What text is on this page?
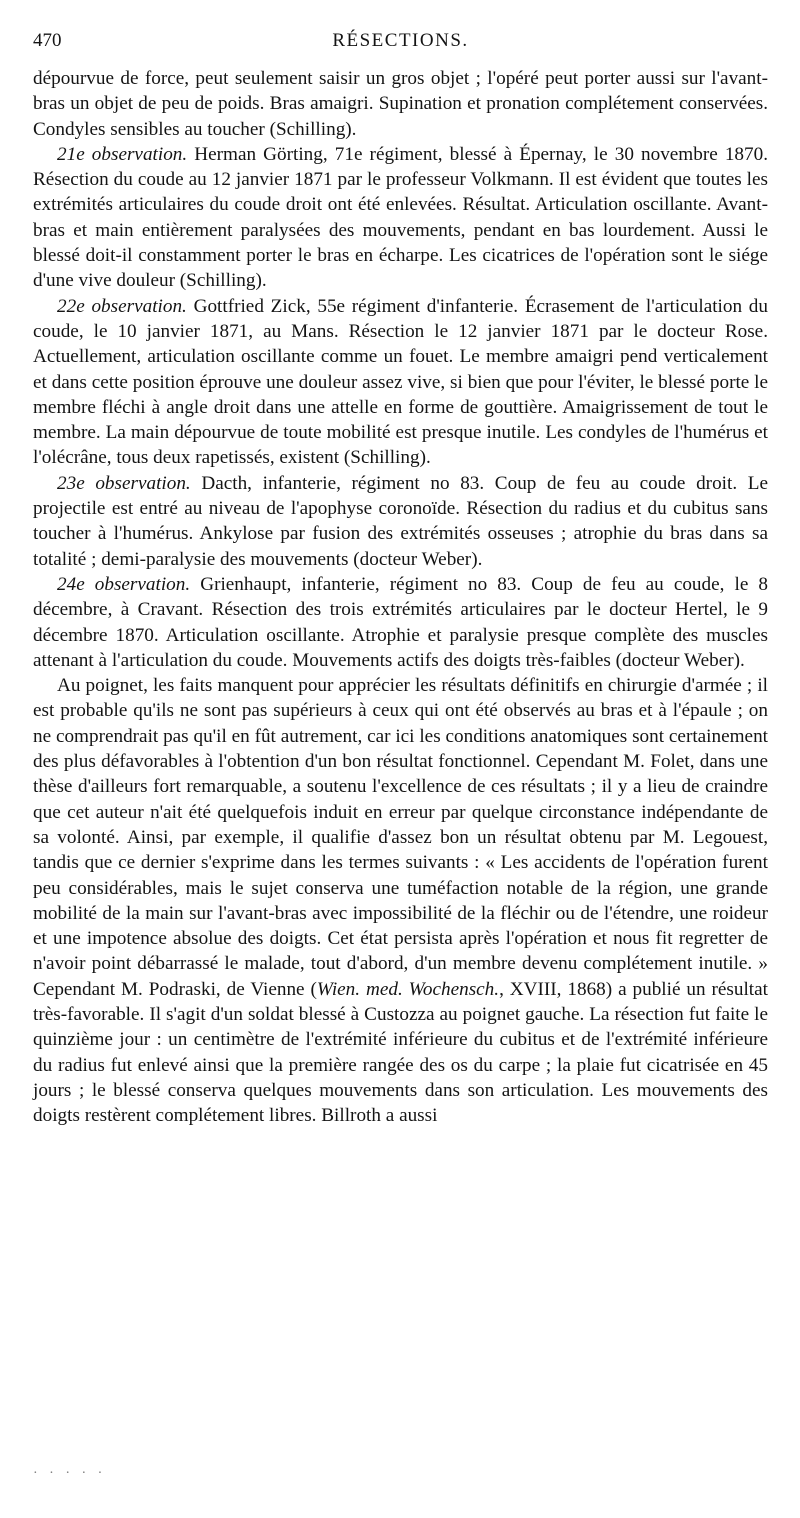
470	RÉSECTIONS.

dépourvue de force, peut seulement saisir un gros objet ; l'opéré peut porter aussi sur l'avant-bras un objet de peu de poids. Bras amaigri. Supination et pronation complétement conservées. Condyles sensibles au toucher (Schilling).

21e observation. Herman Görting, 71e régiment, blessé à Épernay, le 30 novembre 1870. Résection du coude au 12 janvier 1871 par le professeur Volkmann. Il est évident que toutes les extrémités articulaires du coude droit ont été enlevées. Résultat. Articulation oscillante. Avant-bras et main entièrement paralysées des mouvements, pendant en bas lourdement. Aussi le blessé doit-il constamment porter le bras en écharpe. Les cicatrices de l'opération sont le siége d'une vive douleur (Schilling).

22e observation. Gottfried Zick, 55e régiment d'infanterie. Écrasement de l'articulation du coude, le 10 janvier 1871, au Mans. Résection le 12 janvier 1871 par le docteur Rose. Actuellement, articulation oscillante comme un fouet. Le membre amaigri pend verticalement et dans cette position éprouve une douleur assez vive, si bien que pour l'éviter, le blessé porte le membre fléchi à angle droit dans une attelle en forme de gouttière. Amaigrissement de tout le membre. La main dépourvue de toute mobilité est presque inutile. Les condyles de l'humérus et l'olécrâne, tous deux rapetissés, existent (Schilling).

23e observation. Dacth, infanterie, régiment no 83. Coup de feu au coude droit. Le projectile est entré au niveau de l'apophyse coronoïde. Résection du radius et du cubitus sans toucher à l'humérus. Ankylose par fusion des extrémités osseuses ; atrophie du bras dans sa totalité ; demi-paralysie des mouvements (docteur Weber).

24e observation. Grienhaupt, infanterie, régiment no 83. Coup de feu au coude, le 8 décembre, à Cravant. Résection des trois extrémités articulaires par le docteur Hertel, le 9 décembre 1870. Articulation oscillante. Atrophie et paralysie presque complète des muscles attenant à l'articulation du coude. Mouvements actifs des doigts très-faibles (docteur Weber).

Au poignet, les faits manquent pour apprécier les résultats définitifs en chirurgie d'armée ; il est probable qu'ils ne sont pas supérieurs à ceux qui ont été observés au bras et à l'épaule ; on ne comprendrait pas qu'il en fût autrement, car ici les conditions anatomiques sont certainement des plus défavorables à l'obtention d'un bon résultat fonctionnel. Cependant M. Folet, dans une thèse d'ailleurs fort remarquable, a soutenu l'excellence de ces résultats ; il y a lieu de craindre que cet auteur n'ait été quelquefois induit en erreur par quelque circonstance indépendante de sa volonté. Ainsi, par exemple, il qualifie d'assez bon un résultat obtenu par M. Legouest, tandis que ce dernier s'exprime dans les termes suivants : « Les accidents de l'opération furent peu considérables, mais le sujet conserva une tuméfaction notable de la région, une grande mobilité de la main sur l'avant-bras avec impossibilité de la fléchir ou de l'étendre, une roideur et une impotence absolue des doigts. Cet état persista après l'opération et nous fit regretter de n'avoir point débarrassé le malade, tout d'abord, d'un membre devenu complétement inutile. » Cependant M. Podraski, de Vienne (Wien. med. Wochensch., XVIII, 1868) a publié un résultat très-favorable. Il s'agit d'un soldat blessé à Custozza au poignet gauche. La résection fut faite le quinzième jour : un centimètre de l'extrémité inférieure du cubitus et de l'extrémité inférieure du radius fut enlevé ainsi que la première rangée des os du carpe ; la plaie fut cicatrisée en 45 jours ; le blessé conserva quelques mouvements dans son articulation. Les mouvements des doigts restèrent complétement libres. Billroth a aussi

· · · · ·
